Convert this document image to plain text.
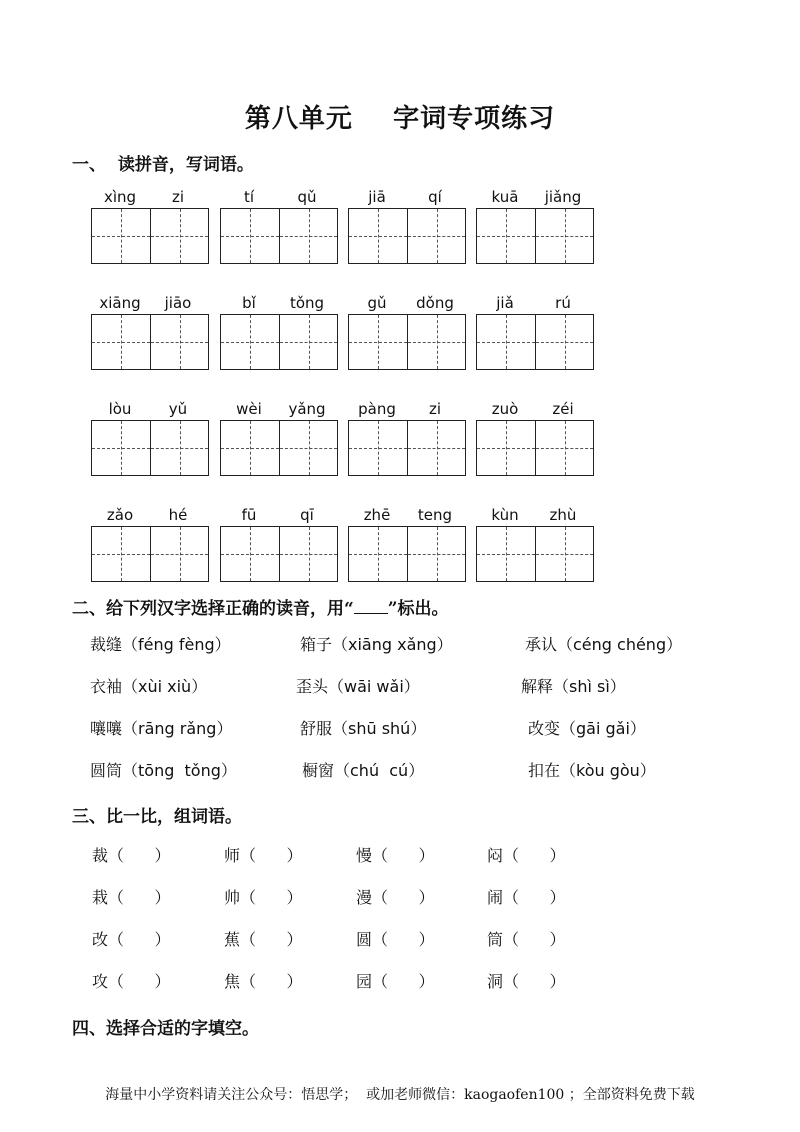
第八单元    字词专项练习
一、  读拼音，写词语。
xìng	zi	tí	qǔ	jiā	qí	kuā	jiǎng
xiāng	jiāo	bǐ	tǒng	gǔ	dǒng	jiǎ	rú
lòu	yǔ	wèi	yǎng	pàng	zi	zuò	zéi
zǎo	hé	fū	qī	zhē	teng	kùn	zhù
二、给下列汉字选择正确的读音，用“ ”标出。
裁缝（féng fèng）	箱子（xiāng xǎng）	承认（céng chéng）
衣袖（xùi xiù）	歪头（wāi wǎi）	解释（shì sì）
嚷嚷（rāng rǎng）	舒服（shū shú）	改变（gāi gǎi）
圆筒（tōng  tǒng）	橱窗（chú  cú）	扣在（kòu gòu）
三、比一比，组词语。
裁（      ）	师（      ）	慢（      ）	闷（      ）
栽（      ）	帅（      ）	漫（      ）	闹（      ）
改（      ）	蕉（      ）	圆（      ）	筒（      ）
攻（      ）	焦（      ）	园（      ）	洞（      ）
四、选择合适的字填空。
海量中小学资料请关注公众号：悟思学；  或加老师微信：kaogaofen100 ；全部资料免费下载
